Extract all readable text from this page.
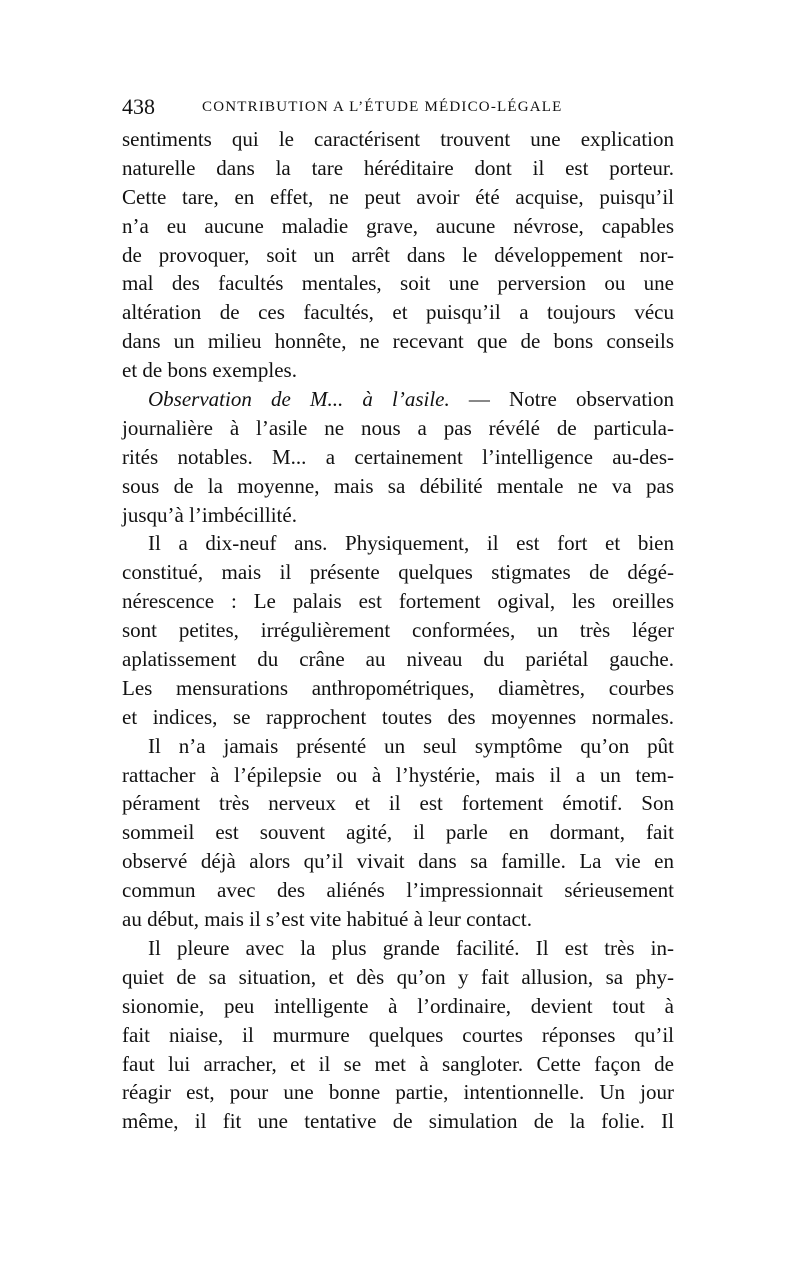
438	CONTRIBUTION A L’ÉTUDE MÉDICO-LÉGALE
sentiments qui le caractérisent trouvent une explication
naturelle dans la tare héréditaire dont il est porteur.
Cette tare, en effet, ne peut avoir été acquise, puisqu’il
n’a eu aucune maladie grave, aucune névrose, capables
de provoquer, soit un arrêt dans le développement nor-
mal des facultés mentales, soit une perversion ou une
altération de ces facultés, et puisqu’il a toujours vécu
dans un milieu honnête, ne recevant que de bons conseils
et de bons exemples.
Observation de M... à l’asile. — Notre observation
journalière à l’asile ne nous a pas révélé de particula-
rités notables. M... a certainement l’intelligence au-des-
sous de la moyenne, mais sa débilité mentale ne va pas
jusqu’à l’imbécillité.
Il a dix-neuf ans. Physiquement, il est fort et bien
constitué, mais il présente quelques stigmates de dégé-
nérescence : Le palais est fortement ogival, les oreilles
sont petites, irrégulièrement conformées, un très léger
aplatissement du crâne au niveau du pariétal gauche.
Les mensurations anthropométriques, diamètres, courbes
et indices, se rapprochent toutes des moyennes normales.
Il n’a jamais présenté un seul symptôme qu’on pût
rattacher à l’épilepsie ou à l’hystérie, mais il a un tem-
pérament très nerveux et il est fortement émotif. Son
sommeil est souvent agité, il parle en dormant, fait
observé déjà alors qu’il vivait dans sa famille. La vie en
commun avec des aliénés l’impressionnait sérieusement
au début, mais il s’est vite habitué à leur contact.
Il pleure avec la plus grande facilité. Il est très in-
quiet de sa situation, et dès qu’on y fait allusion, sa phy-
sionomie, peu intelligente à l’ordinaire, devient tout à
fait niaise, il murmure quelques courtes réponses qu’il
faut lui arracher, et il se met à sangloter. Cette façon de
réagir est, pour une bonne partie, intentionnelle. Un jour
même, il fit une tentative de simulation de la folie. Il
